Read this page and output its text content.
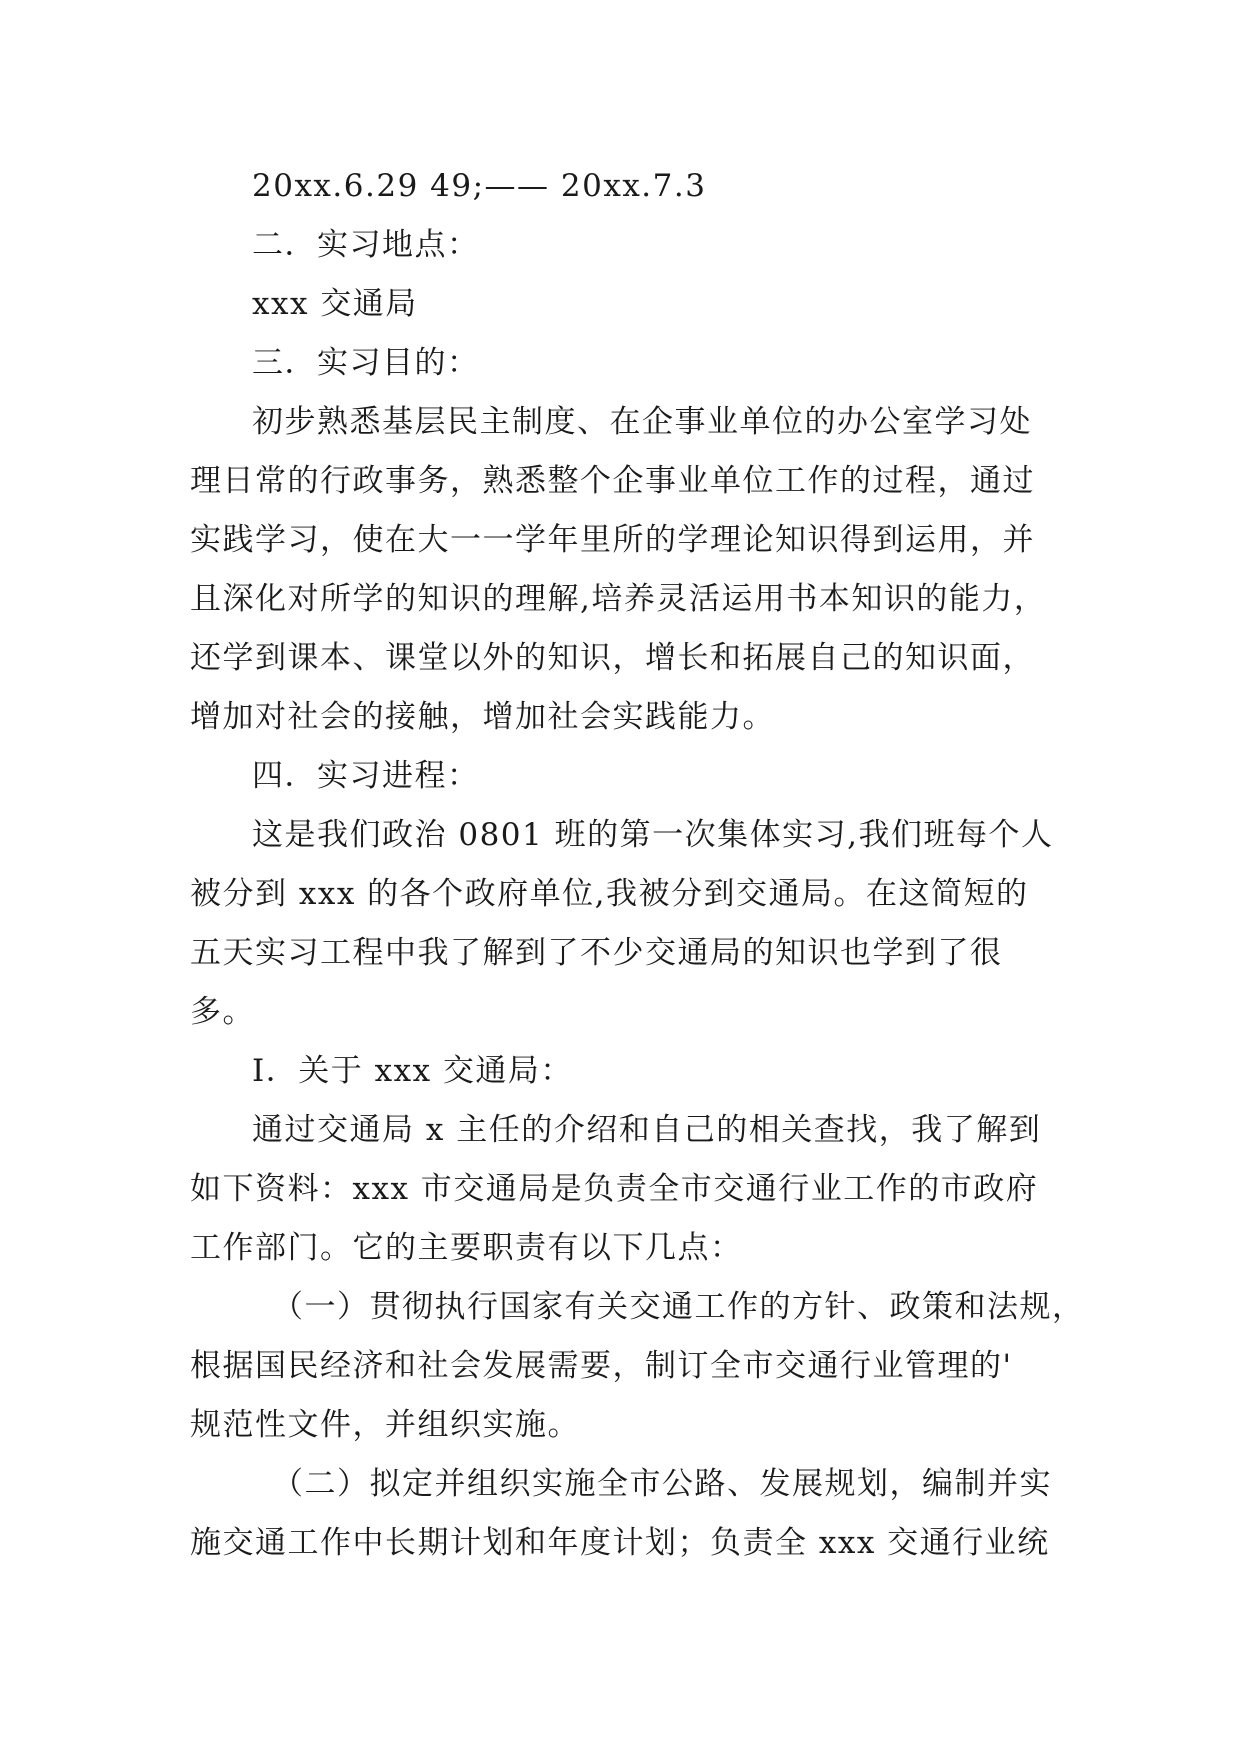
20xx.6.29 49;—— 20xx.7.3
二．实习地点：
xxx 交通局
三．实习目的：
初步熟悉基层民主制度、在企事业单位的办公室学习处
理日常的行政事务，熟悉整个企事业单位工作的过程，通过
实践学习，使在大一一学年里所的学理论知识得到运用，并
且深化对所学的知识的理解,培养灵活运用书本知识的能力，
还学到课本、课堂以外的知识，增长和拓展自己的知识面，
增加对社会的接触，增加社会实践能力。
四．实习进程：
这是我们政治 0801 班的第一次集体实习,我们班每个人
被分到 xxx 的各个政府单位,我被分到交通局。在这简短的
五天实习工程中我了解到了不少交通局的知识也学到了很
多。
Ⅰ．关于 xxx 交通局：
通过交通局 x 主任的介绍和自己的相关查找，我了解到
如下资料：xxx 市交通局是负责全市交通行业工作的市政府
工作部门。它的主要职责有以下几点：
（一）贯彻执行国家有关交通工作的方针、政策和法规，
根据国民经济和社会发展需要，制订全市交通行业管理的'
规范性文件，并组织实施。
（二）拟定并组织实施全市公路、发展规划，编制并实
施交通工作中长期计划和年度计划；负责全 xxx 交通行业统
